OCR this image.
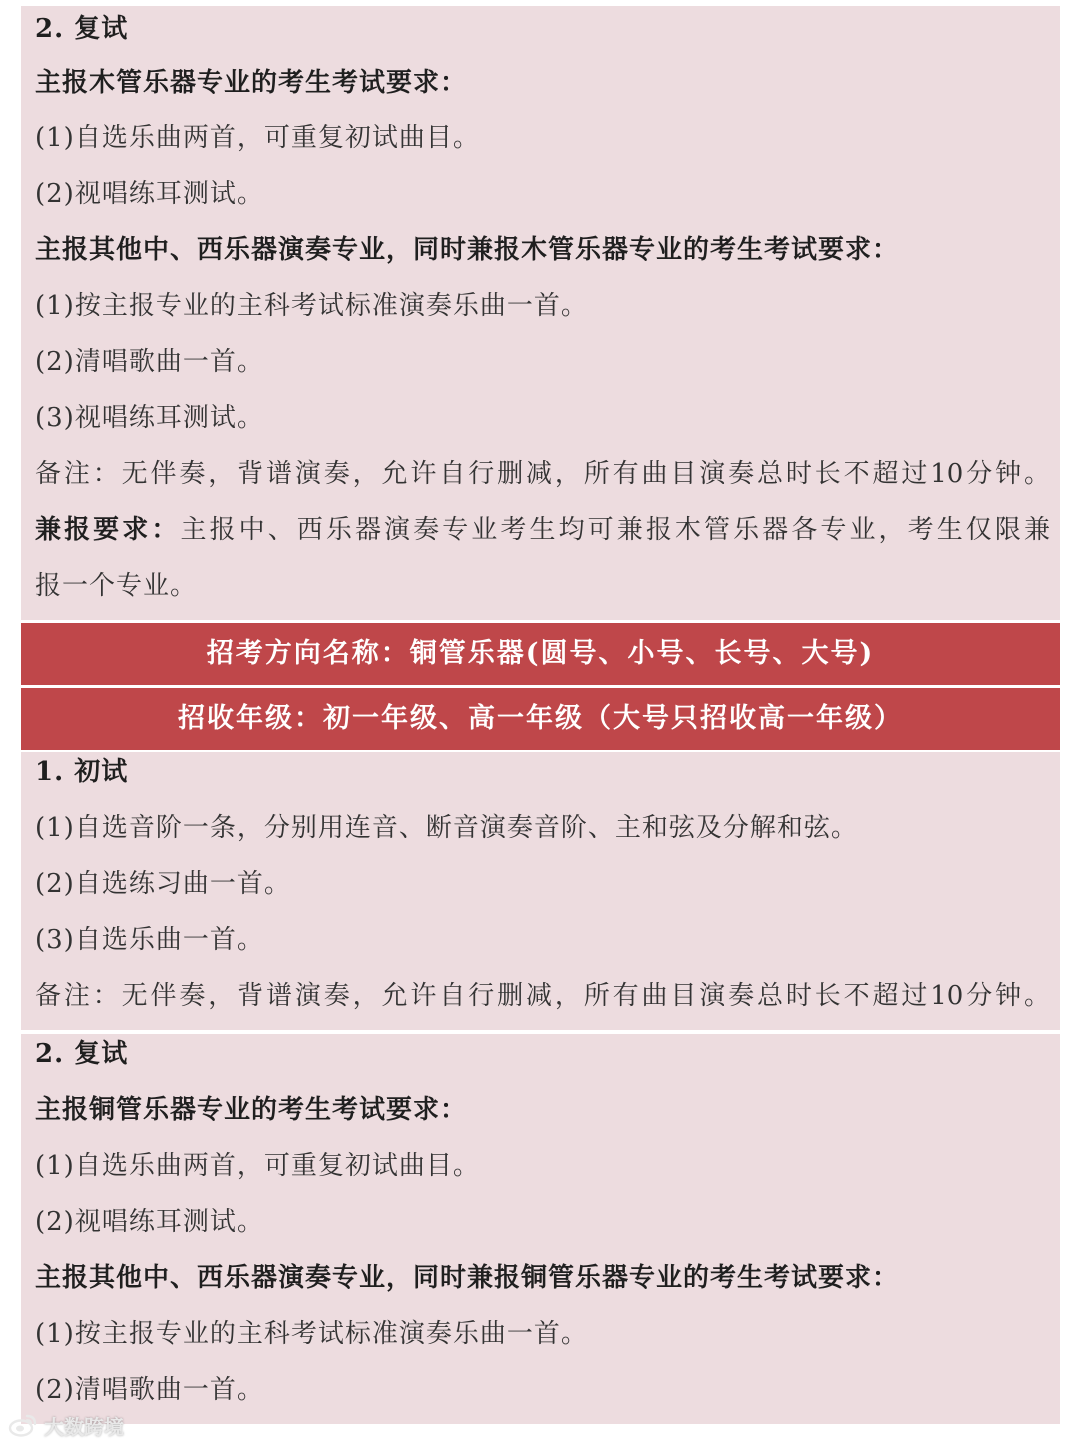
2. 复试
主报木管乐器专业的考生考试要求：
(1)自选乐曲两首，可重复初试曲目。
(2)视唱练耳测试。
主报其他中、西乐器演奏专业，同时兼报木管乐器专业的考生考试要求：
(1)按主报专业的主科考试标准演奏乐曲一首。
(2)清唱歌曲一首。
(3)视唱练耳测试。
备注：无伴奏，背谱演奏，允许自行删减，所有曲目演奏总时长不超过10分钟。
兼报要求：主报中、西乐器演奏专业考生均可兼报木管乐器各专业，考生仅限兼
报一个专业。
招考方向名称：铜管乐器(圆号、小号、长号、大号)
招收年级：初一年级、高一年级（大号只招收高一年级）
1. 初试
(1)自选音阶一条，分别用连音、断音演奏音阶、主和弦及分解和弦。
(2)自选练习曲一首。
(3)自选乐曲一首。
备注：无伴奏，背谱演奏，允许自行删减，所有曲目演奏总时长不超过10分钟。
2. 复试
主报铜管乐器专业的考生考试要求：
(1)自选乐曲两首，可重复初试曲目。
(2)视唱练耳测试。
主报其他中、西乐器演奏专业，同时兼报铜管乐器专业的考生考试要求：
(1)按主报专业的主科考试标准演奏乐曲一首。
(2)清唱歌曲一首。
大数跨境
